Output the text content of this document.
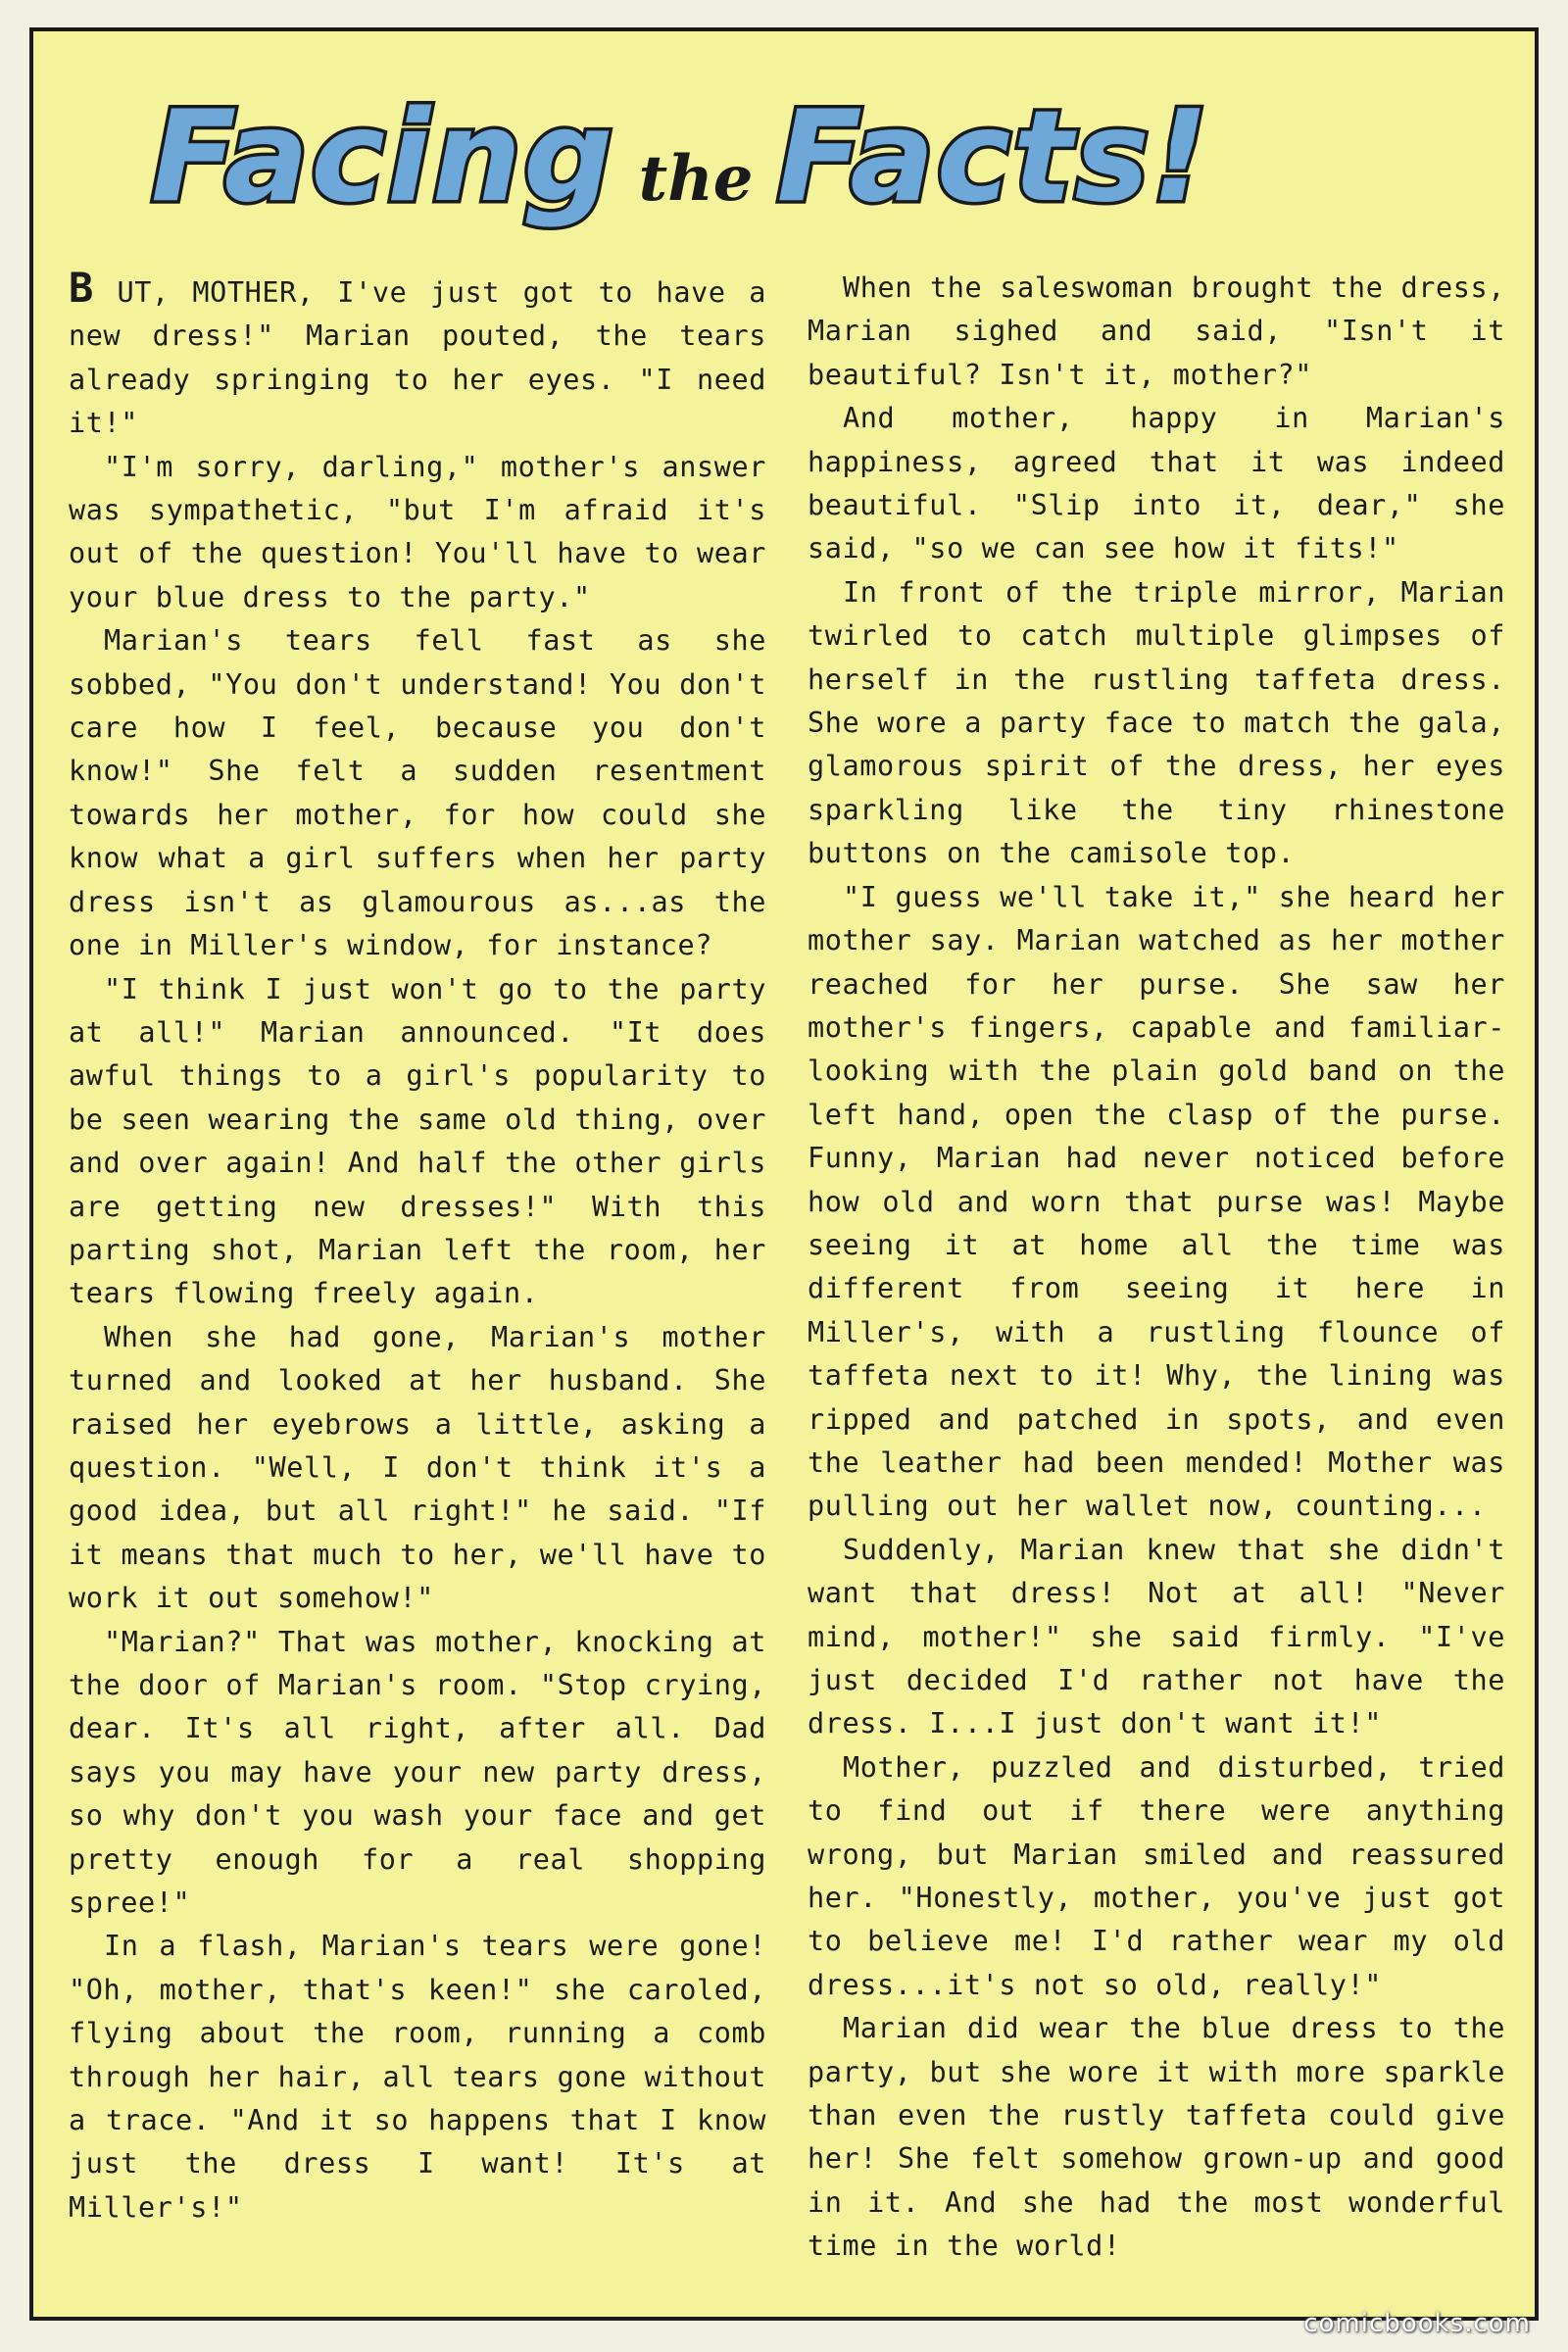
Facing the Facts!

B UT, MOTHER, I've just got to have a new dress!" Marian pouted, the tears already springing to her eyes. "I need it!"

"I'm sorry, darling," mother's answer was sympathetic, "but I'm afraid it's out of the question! You'll have to wear your blue dress to the party."

Marian's tears fell fast as she sobbed, "You don't understand! You don't care how I feel, because you don't know!" She felt a sudden resentment towards her mother, for how could she know what a girl suffers when her party dress isn't as glamourous as...as the one in Miller's window, for instance?

"I think I just won't go to the party at all!" Marian announced. "It does awful things to a girl's popularity to be seen wearing the same old thing, over and over again! And half the other girls are getting new dresses!" With this parting shot, Marian left the room, her tears flowing freely again.

When she had gone, Marian's mother turned and looked at her husband. She raised her eyebrows a little, asking a question. "Well, I don't think it's a good idea, but all right!" he said. "If it means that much to her, we'll have to work it out somehow!"

"Marian?" That was mother, knocking at the door of Marian's room. "Stop crying, dear. It's all right, after all. Dad says you may have your new party dress, so why don't you wash your face and get pretty enough for a real shopping spree!"

In a flash, Marian's tears were gone! "Oh, mother, that's keen!" she caroled, flying about the room, running a comb through her hair, all tears gone without a trace. "And it so happens that I know just the dress I want! It's at Miller's!"

When the saleswoman brought the dress, Marian sighed and said, "Isn't it beautiful? Isn't it, mother?"

And mother, happy in Marian's happiness, agreed that it was indeed beautiful. "Slip into it, dear," she said, "so we can see how it fits!"

In front of the triple mirror, Marian twirled to catch multiple glimpses of herself in the rustling taffeta dress. She wore a party face to match the gala, glamorous spirit of the dress, her eyes sparkling like the tiny rhinestone buttons on the camisole top.

"I guess we'll take it," she heard her mother say. Marian watched as her mother reached for her purse. She saw her mother's fingers, capable and familiar-looking with the plain gold band on the left hand, open the clasp of the purse. Funny, Marian had never noticed before how old and worn that purse was! Maybe seeing it at home all the time was different from seeing it here in Miller's, with a rustling flounce of taffeta next to it! Why, the lining was ripped and patched in spots, and even the leather had been mended! Mother was pulling out her wallet now, counting...

Suddenly, Marian knew that she didn't want that dress! Not at all! "Never mind, mother!" she said firmly. "I've just decided I'd rather not have the dress. I...I just don't want it!"

Mother, puzzled and disturbed, tried to find out if there were anything wrong, but Marian smiled and reassured her. "Honestly, mother, you've just got to believe me! I'd rather wear my old dress...it's not so old, really!"

Marian did wear the blue dress to the party, but she wore it with more sparkle than even the rustly taffeta could give her! She felt somehow grown-up and good in it. And she had the most wonderful time in the world!

comicbooks.com
